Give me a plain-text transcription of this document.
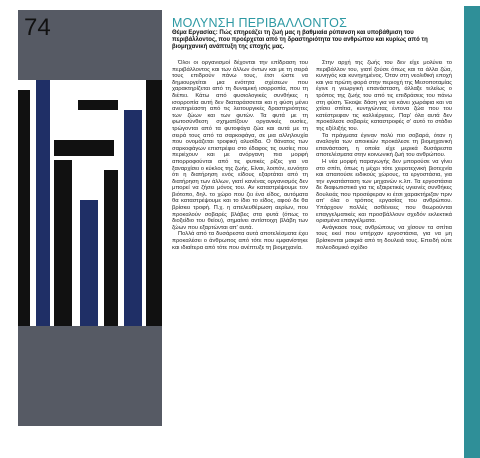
74	ΜΟΛΥΝΣΗ ΠΕΡΙΒΑΛΛΟΝΤΟΣ
Θέμα Εργασίας: Πώς επηρεάζει τη ζωή μας η βαθμιαία ρύπανση και υποβάθμιση του περιβάλλοντος, που προέρχεται από τη δραστηριότητα του ανθρώπου και κυρίως από τη βιομηχανική ανάπτυξη της εποχής μας.

Όλοι οι οργανισμοί δέχονται την επίδραση του περιβάλλοντος και των άλλων όντων και με τη σειρά τους επιδρούν πάνω τους, έτσι ώστε να δημιουργείται μια ενότητα σχέσεων που χαρακτηρίζεται από τη δυναμική ισορροπία, που τη διέπει. Κάτω από φυσιολογικές συνθήκες η ισορροπία αυτή δεν διαταράσσεται και η φύση μένει ανεπηρέαστη από τις λειτουργικές δραστηριότητες των ζώων και των φυτών. Τα φυτά με τη φωτοσύνθεση σχηματίζουν οργανικές ουσίες, τρώγονται από τα φυτοφάγα ζώα και αυτά με τη σειρά τους από τα σαρκοφάγα, σε μια αλληλουχία που ονομάζεται τροφική αλυσίδα. Ο θάνατος των σαρκοφάγων επιστρέφει στο έδαφος τις ουσίες που περιέχουν και με ανόργανη πια μορφή απορροφούνται από τις φυτικές ρίζες για να ξαναρχίσει ο κύκλος της ζωής. Είναι, λοιπόν, ευνόητο ότι η διατήρηση ενός είδους εξαρτάται από τη διατήρηση των άλλων, γιατί κανένας οργανισμός δεν μπορεί να ζήσει μόνος του. Αν καταστρέψουμε τον βιότοπο, δηλ. το χώρο που ζει ένα είδος, αυτόματα θα καταστρέψουμε και το ίδιο το είδος, αφού δε θα βρίσκει τροφή. Π.χ. η απελευθέρωση αερίων, που προκαλούν σοβαρές βλάβες στα φυτά (όπως το διοξείδιο του θείου), σημαίνει αντίστοιχη βλάβη των ζώων που εξαρτώνται απ' αυτά.

Πολλά από τα δυσάρεστα αυτά αποτελέσματα έχει προκαλέσει ο άνθρωπος από τότε που εμφανίστηκε και ιδιαίτερα από τότε που ανέπτυξε τη βιομηχανία.

Στην αρχή της ζωής του δεν είχε μολύνει το περιβάλλον του, γιατί ζούσε όπως και τα άλλα ζώα, κυνηγός και κυνηγημένος. Όταν στη νεολιθική εποχή και για πρώτη φορά στην περιοχή της Μεσοποταμίας έγινε η γεωργική επανάσταση, άλλαξε τελείως ο τρόπος της ζωής του από τις επιδράσεις του πάνω στη φύση. Έκοψε δάση για να κάνει χωράφια και να χτίσει σπίτια, κυνηγώντας έντονα ζώα που του κατέστρεφαν τις καλλιέργειες. Παρ' όλα αυτά δεν προκάλεσε σοβαρές καταστροφές σ' αυτό το στάδιο της εξέλιξής του.

Τα πράγματα έγιναν πολύ πιο σοβαρά, όταν η αναλογία των αποικιών προκάλεσε τη βιομηχανική επανάσταση, η οποία είχε μερικά δυσάρεστα αποτελέσματα στην κοινωνική ζωή του ανθρώπου.

Η νέα μορφή παραγωγής δεν μπορούσε να γίνει στο σπίτι, όπως η μέχρι τότε χειροτεχνική βιοτεχνία και απαιτούσε ειδικούς χώρους, τα εργοστάσια, για την εγκατάσταση των μηχανών κ.λπ. Τα εργοστάσια δε διαφωτιστικά για τις εξαιρετικές υγιεινές συνθήκες δουλειάς που προσέφεραν κι έτσι χαρακτήριζαν πριν απ' όλα ο τρόπος εργασίας του ανθρώπου. Υπάρχουν πολλές ασθένειες που θεωρούνται επαγγελματικές και προσβάλλουν σχεδόν εκλεκτικά ορισμένα επαγγέλματα.

Ανάγκασε τους ανθρώπους να χίσουν τα σπίτια τους εκεί που υπήρχαν εργοστάσια, για να μη βρίσκονται μακριά από τη δουλειά τους. Επειδή ούτε πολεοδομικό σχέδιο
